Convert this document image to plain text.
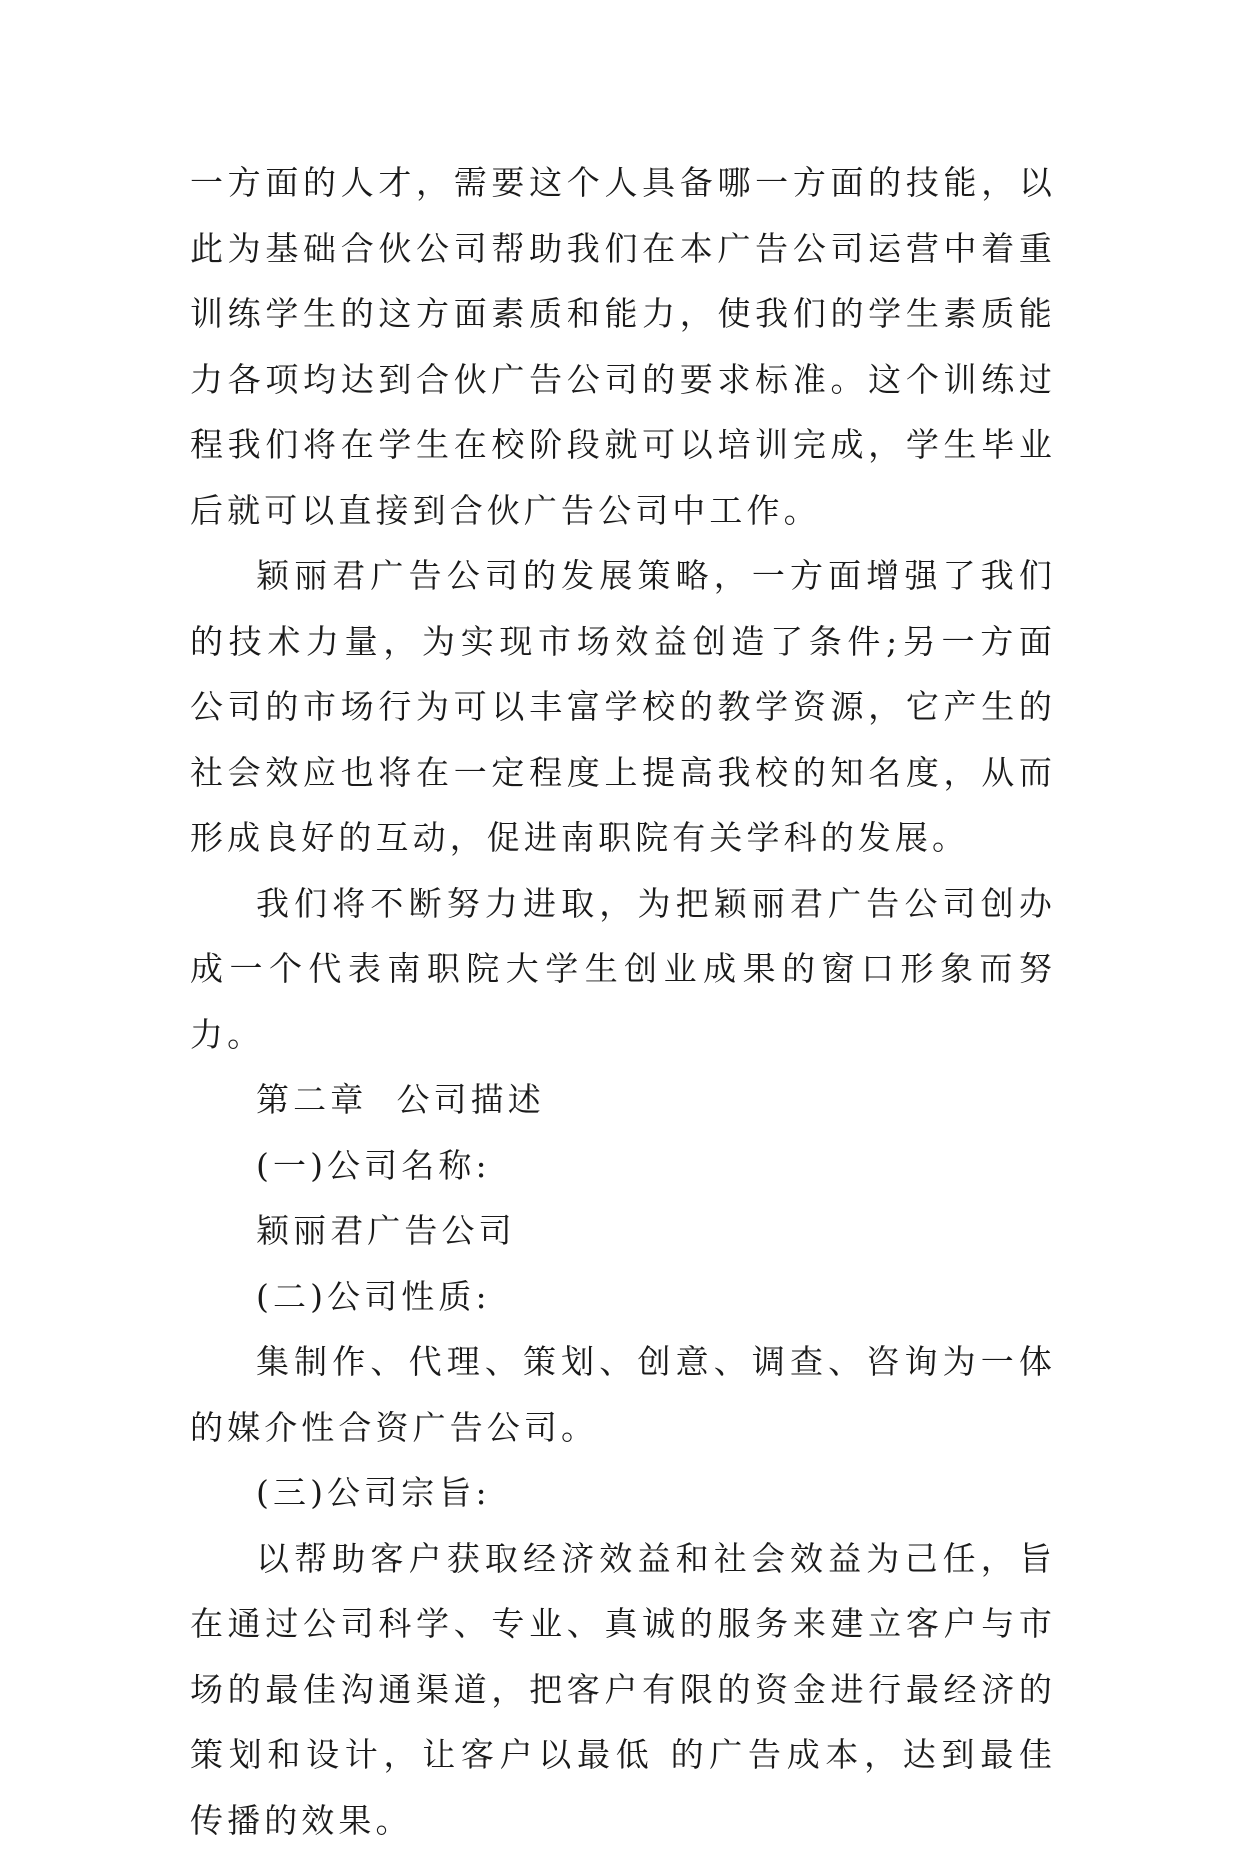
一方面的人才，需要这个人具备哪一方面的技能，以此为基础合伙公司帮助我们在本广告公司运营中着重训练学生的这方面素质和能力，使我们的学生素质能力各项均达到合伙广告公司的要求标准。这个训练过程我们将在学生在校阶段就可以培训完成，学生毕业后就可以直接到合伙广告公司中工作。

颖丽君广告公司的发展策略，一方面增强了我们的技术力量，为实现市场效益创造了条件;另一方面公司的市场行为可以丰富学校的教学资源，它产生的社会效应也将在一定程度上提高我校的知名度，从而形成良好的互动，促进南职院有关学科的发展。

我们将不断努力进取，为把颖丽君广告公司创办成一个代表南职院大学生创业成果的窗口形象而努力。

第二章  公司描述

(一)公司名称:

颖丽君广告公司

(二)公司性质:

集制作、代理、策划、创意、调查、咨询为一体的媒介性合资广告公司。

(三)公司宗旨:

以帮助客户获取经济效益和社会效益为己任，旨在通过公司科学、专业、真诚的服务来建立客户与市场的最佳沟通渠道，把客户有限的资金进行最经济的策划和设计，让客户以最低 的广告成本，达到最佳传播的效果。
